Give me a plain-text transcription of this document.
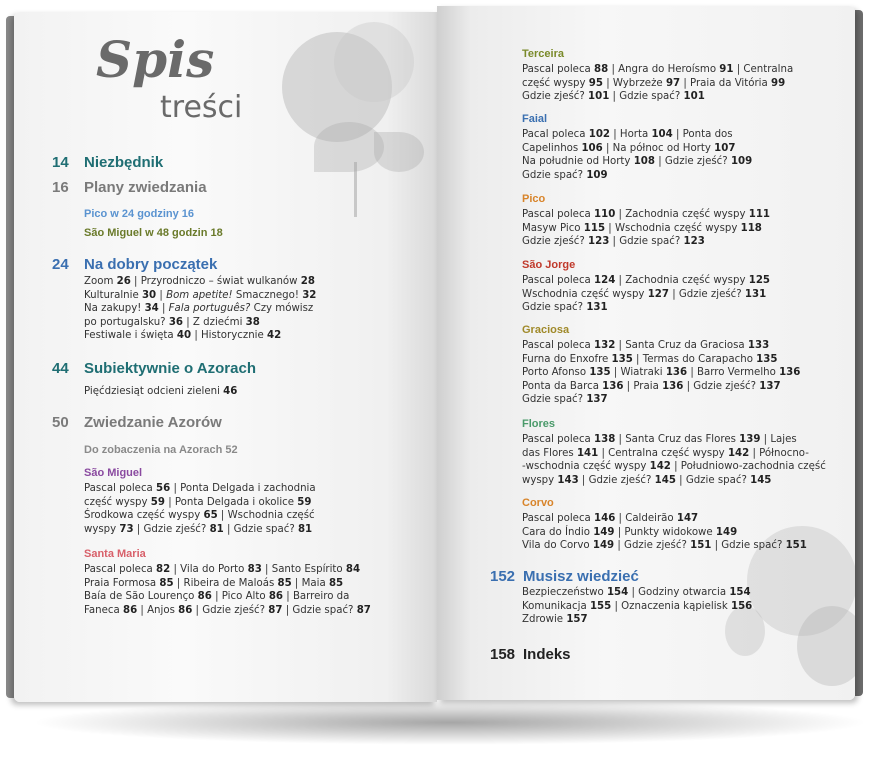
Spis
treści
14 Niezbędnik
16 Plany zwiedzania
Pico w 24 godziny 16
São Miguel w 48 godzin 18
24 Na dobry początek
Zoom 26 | Przyrodniczo – świat wulkanów 28
Kulturalnie 30 | Bom apetite! Smacznego! 32
Na zakupy! 34 | Fala português? Czy mówisz
po portugalsku? 36 | Z dziećmi 38
Festiwale i święta 40 | Historycznie 42
44 Subiektywnie o Azorach
Pięćdziesiąt odcieni zieleni 46
50 Zwiedzanie Azorów
Do zobaczenia na Azorach 52
São Miguel
Pascal poleca 56 | Ponta Delgada i zachodnia
część wyspy 59 | Ponta Delgada i okolice 59
Środkowa część wyspy 65 | Wschodnia część
wyspy 73 | Gdzie zjeść? 81 | Gdzie spać? 81
Santa Maria
Pascal poleca 82 | Vila do Porto 83 | Santo Espírito 84
Praia Formosa 85 | Ribeira de Maloás 85 | Maia 85
Baía de São Lourenço 86 | Pico Alto 86 | Barreiro da
Faneca 86 | Anjos 86 | Gdzie zjeść? 87 | Gdzie spać? 87
Terceira
Pascal poleca 88 | Angra do Heroísmo 91 | Centralna
część wyspy 95 | Wybrzeże 97 | Praia da Vitória 99
Gdzie zjeść? 101 | Gdzie spać? 101
Faial
Pacal poleca 102 | Horta 104 | Ponta dos
Capelinhos 106 | Na północ od Horty 107
Na południe od Horty 108 | Gdzie zjeść? 109
Gdzie spać? 109
Pico
Pascal poleca 110 | Zachodnia część wyspy 111
Masyw Pico 115 | Wschodnia część wyspy 118
Gdzie zjeść? 123 | Gdzie spać? 123
São Jorge
Pascal poleca 124 | Zachodnia część wyspy 125
Wschodnia część wyspy 127 | Gdzie zjeść? 131
Gdzie spać? 131
Graciosa
Pascal poleca 132 | Santa Cruz da Graciosa 133
Furna do Enxofre 135 | Termas do Carapacho 135
Porto Afonso 135 | Wiatraki 136 | Barro Vermelho 136
Ponta da Barca 136 | Praia 136 | Gdzie zjeść? 137
Gdzie spać? 137
Flores
Pascal poleca 138 | Santa Cruz das Flores 139 | Lajes
das Flores 141 | Centralna część wyspy 142 | Północno-
-wschodnia część wyspy 142 | Południowo-zachodnia część
wyspy 143 | Gdzie zjeść? 145 | Gdzie spać? 145
Corvo
Pascal poleca 146 | Caldeirão 147
Cara do Índio 149 | Punkty widokowe 149
Vila do Corvo 149 | Gdzie zjeść? 151 | Gdzie spać? 151
152 Musisz wiedzieć
Bezpieczeństwo 154 | Godziny otwarcia 154
Komunikacja 155 | Oznaczenia kąpielisk 156
Zdrowie 157
158 Indeks
